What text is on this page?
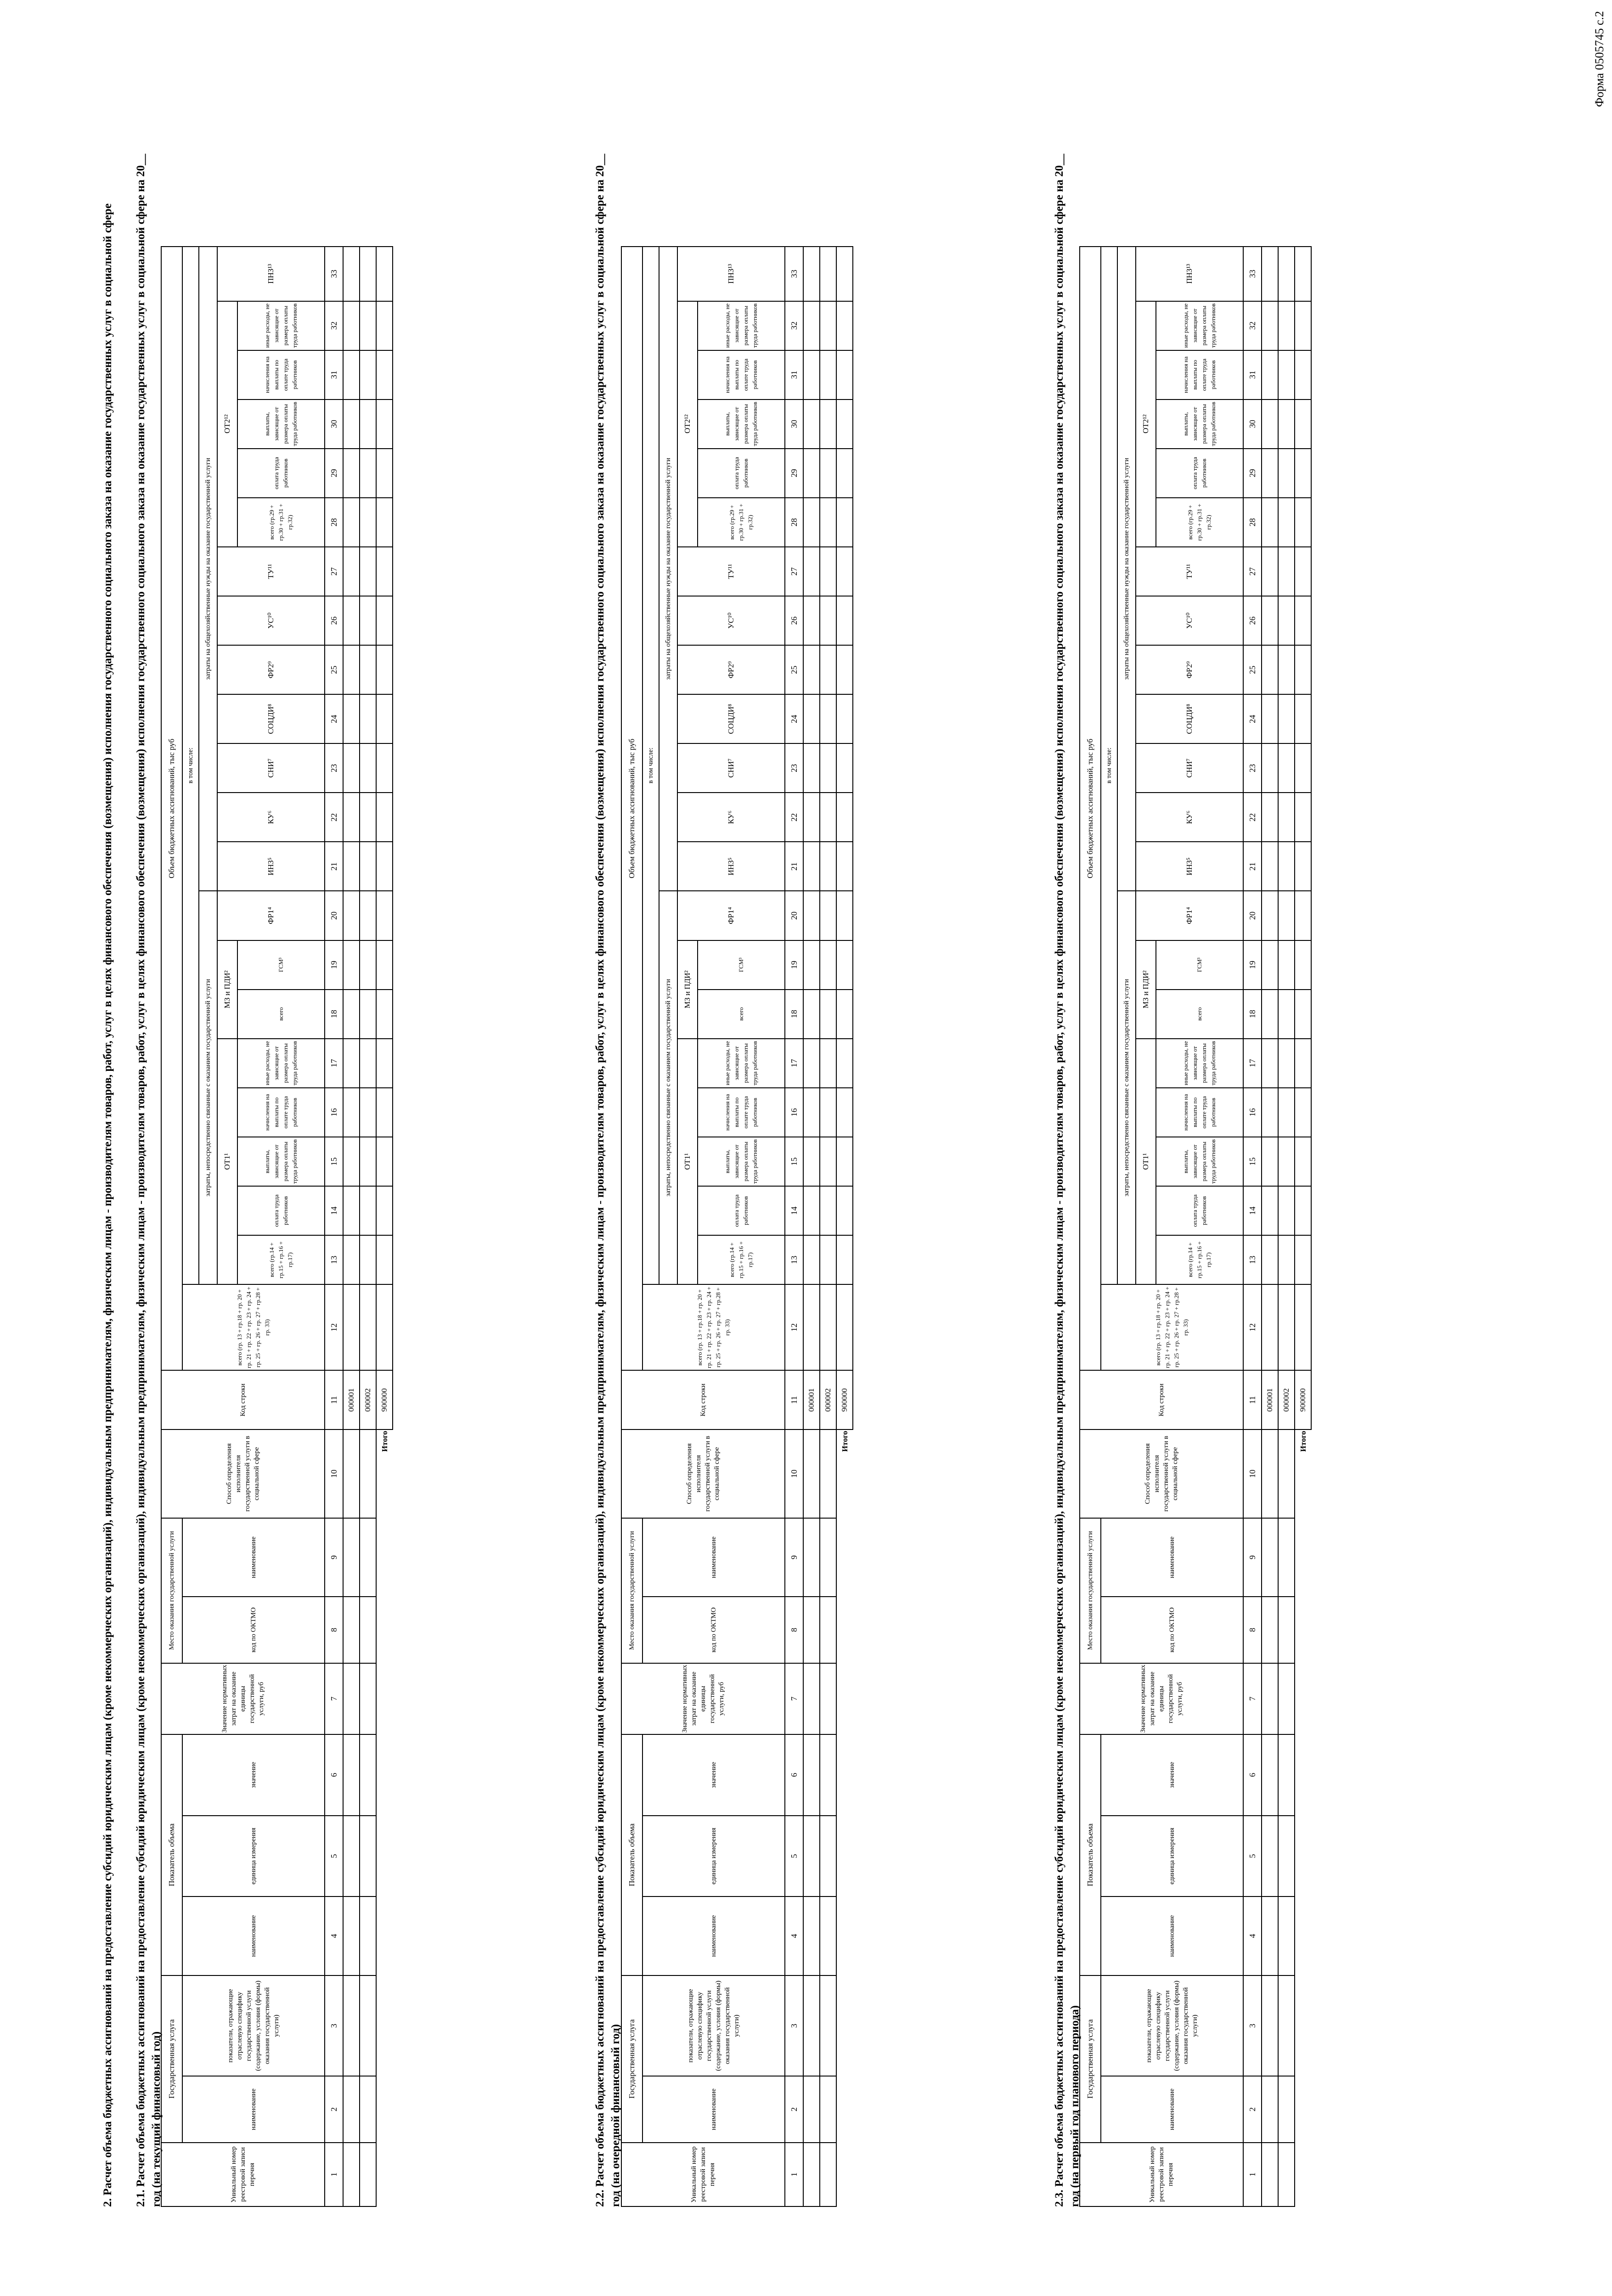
Форма 0505745 с.2
2. Расчет объема бюджетных ассигнований на предоставление субсидий юридическим лицам (кроме некоммерческих организаций), индивидуальным предпринимателям, физическим лицам - производителям товаров, работ, услуг в целях финансового обеспечения (возмещения) исполнения государственного социального заказа на оказание государственных услуг в социальной сфере 2.1. Расчет объема бюджетных ассигнований на предоставление субсидий юридическим лицам (кроме некоммерческих организаций), индивидуальным предпринимателям, физическим лицам - производителям товаров, работ, услуг в целях финансового обеспечения (возмещения) исполнения государственного социального заказа на оказание государственных услуг в социальной сфере на 20__ год (на текущий финансовый год)	2.2. Расчет объема бюджетных ассигнований на предоставление субсидий юридическим лицам (кроме некоммерческих организаций), индивидуальным предпринимателям, физическим лицам - производителям товаров, работ, услуг в целях финансового обеспечения (возмещения) исполнения государственного социального заказа на оказание государственных услуг в социальной сфере на 20__ год (на очередной финансовый год)	2.3. Расчет объема бюджетных ассигнований на предоставление субсидий юридическим лицам (кроме некоммерческих организаций), индивидуальным предпринимателям, физическим лицам - производителям товаров, работ, услуг в целях финансового обеспечения (возмещения) исполнения государственного социального заказа на оказание государственных услуг в социальной сфере на 20__ год (на первый год планового периода)
Уникальный номер реестровой записи перечня	Государственная услуга		Показатель объема			Значение нормативных затрат на оказание единицы государственной услуги, руб	Место оказания государственной услуги		Способ определения исполнителя государственной услуги в социальной сфере	Код строки	Объем бюджетных ассигнований, тыс руб																					
	наименование	показатели, отражающие отраслевую специфику государственной услуги (содержание, условия (формы) оказания государственной услуги)	наименование	единица измерения	значение		код по ОКТМО	наименование			всего (гр. 13 + гр.18 + гр. 20 + гр. 21 + гр. 22 + гр. 23 + гр. 24 + гр. 25 + гр. 26 + гр. 27 + гр.28 + гр. 33)	в том числе:																				
												затраты, непосредственно связанные с оказанием государственной услуги								затраты на общехозяйственные нужды на оказание государственной услуги												
												ОТ1¹					МЗ и ПДИ²		ФР1⁴	ИНЗ⁵	КУ⁶	СНИ⁷	СОЦДИ⁸	ФР2⁹	УС¹⁰	ТУ¹¹	ОТ2¹²					ПНЗ¹³
												всего (гр.14 + гр.15 + гр.16 + гр.17)	оплата труда работников	выплаты, зависящие от размера оплаты труда работников	начисления на выплаты по оплате труда работников	иные расходы, не зависящие от размера оплаты труда работников	всего	ГСМ³									всего (гр.29 + гр.30 + гр.31 + гр.32)	оплата труда работников	выплаты, зависящие от размера оплаты труда работников	начисления на выплаты по оплате труда работников	иные расходы, не зависящие от размера оплаты труда работников	
1	2	3	4	5	6	7	8	9	10	11	12	13	14	15	16	17	18	19	20	21	22	23	24	25	26	27	28	29	30	31	32	33
										000001																						
										000002																						
Итого										900000																						
Уникальный номер реестровой записи перечня	Государственная услуга		Показатель объема			Значение нормативных затрат на оказание единицы государственной услуги, руб	Место оказания государственной услуги		Способ определения исполнителя государственной услуги в социальной сфере	Код строки	Объем бюджетных ассигнований, тыс руб																					
	наименование	показатели, отражающие отраслевую специфику государственной услуги (содержание, условия (формы) оказания государственной услуги)	наименование	единица измерения	значение		код по ОКТМО	наименование			всего (гр. 13 + гр.18 + гр. 20 + гр. 21 + гр. 22 + гр. 23 + гр. 24 + гр. 25 + гр. 26 + гр. 27 + гр.28 + гр. 33)	в том числе:																				
												затраты, непосредственно связанные с оказанием государственной услуги								затраты на общехозяйственные нужды на оказание государственной услуги												
												ОТ1¹					МЗ и ПДИ²		ФР1⁴	ИНЗ⁵	КУ⁶	СНИ⁷	СОЦДИ⁸	ФР2⁹	УС¹⁰	ТУ¹¹	ОТ2¹²					ПНЗ¹³
												всего (гр.14 + гр.15 + гр.16 + гр.17)	оплата труда работников	выплаты, зависящие от размера оплаты труда работников	начисления на выплаты по оплате труда работников	иные расходы, не зависящие от размера оплаты труда работников	всего	ГСМ³									всего (гр.29 + гр.30 + гр.31 + гр.32)	оплата труда работников	выплаты, зависящие от размера оплаты труда работников	начисления на выплаты по оплате труда работников	иные расходы, не зависящие от размера оплаты труда работников	
1	2	3	4	5	6	7	8	9	10	11	12	13	14	15	16	17	18	19	20	21	22	23	24	25	26	27	28	29	30	31	32	33
										000001																						
										000002																						
Итого										900000																						
Уникальный номер реестровой записи перечня	Государственная услуга		Показатель объема			Значение нормативных затрат на оказание единицы государственной услуги, руб	Место оказания государственной услуги		Способ определения исполнителя государственной услуги в социальной сфере	Код строки	Объем бюджетных ассигнований, тыс руб																					
	наименование	показатели, отражающие отраслевую специфику государственной услуги (содержание, условия (формы) оказания государственной услуги)	наименование	единица измерения	значение		код по ОКТМО	наименование			всего (гр. 13 + гр.18 + гр. 20 + гр. 21 + гр. 22 + гр. 23 + гр. 24 + гр. 25 + гр. 26 + гр. 27 + гр.28 + гр. 33)	в том числе:																				
												затраты, непосредственно связанные с оказанием государственной услуги								затраты на общехозяйственные нужды на оказание государственной услуги												
												ОТ1¹					МЗ и ПДИ²		ФР1⁴	ИНЗ⁵	КУ⁶	СНИ⁷	СОЦДИ⁸	ФР2⁹	УС¹⁰	ТУ¹¹	ОТ2¹²					ПНЗ¹³
												всего (гр.14 + гр.15 + гр.16 + гр.17)	оплата труда работников	выплаты, зависящие от размера оплаты труда работников	начисления на выплаты по оплате труда работников	иные расходы, не зависящие от размера оплаты труда работников	всего	ГСМ³									всего (гр.29 + гр.30 + гр.31 + гр.32)	оплата труда работников	выплаты, зависящие от размера оплаты труда работников	начисления на выплаты по оплате труда работников	иные расходы, не зависящие от размера оплаты труда работников	
1	2	3	4	5	6	7	8	9	10	11	12	13	14	15	16	17	18	19	20	21	22	23	24	25	26	27	28	29	30	31	32	33
										000001																						
										000002																						
Итого										900000																						
